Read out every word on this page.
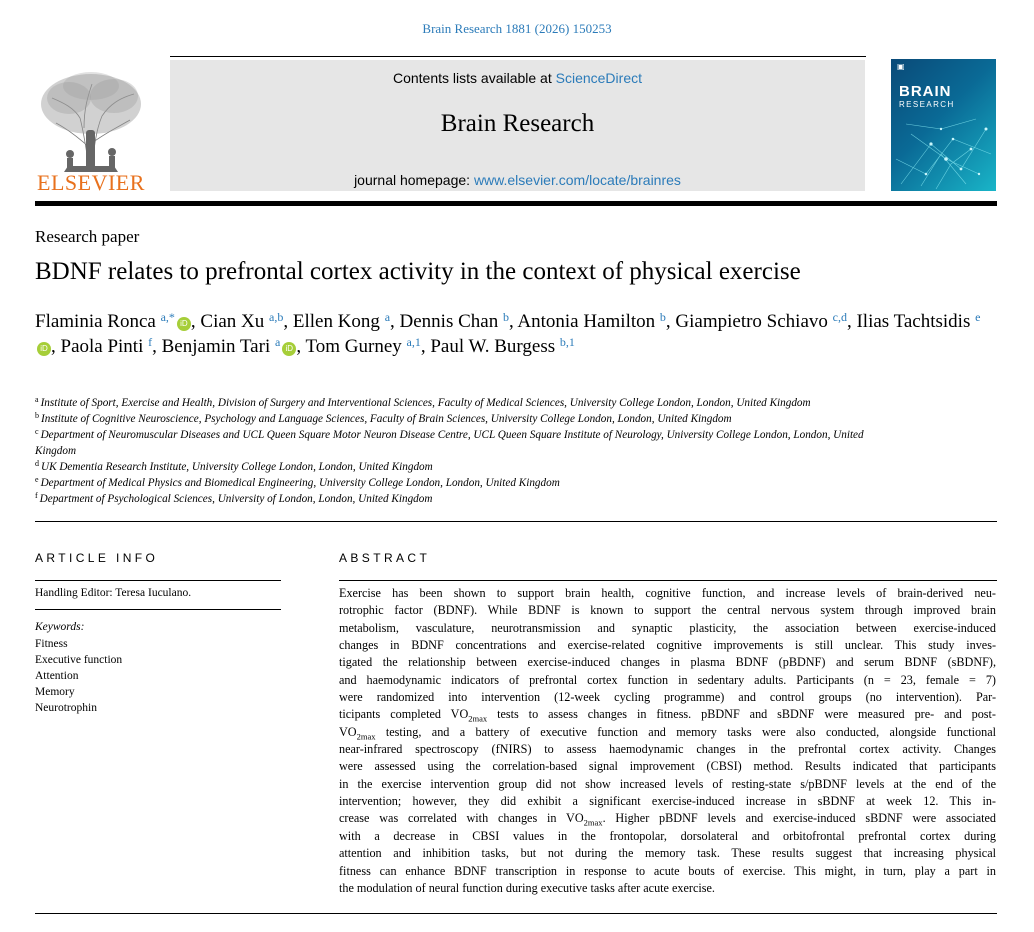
Brain Research 1881 (2026) 150253
ELSEVIER
Contents lists available at ScienceDirect
Brain Research
journal homepage: www.elsevier.com/locate/brainres
▣
BRAIN
RESEARCH
Research paper
BDNF relates to prefrontal cortex activity in the context of physical exercise
Flaminia Ronca $^{a,*}$ iD , Cian Xu $^{a,b}$, Ellen Kong $^a$, Dennis Chan $^b$, Antonia Hamilton $^b$, Giampietro Schiavo $^{c,d}$, Ilias Tachtsidis $^e$iD , Paola Pinti $^f$, Benjamin Tari $^a$ iD , Tom Gurney $^{a,1}$, Paul W. Burgess $^{b,1}$
$^a$ Institute of Sport, Exercise and Health, Division of Surgery and Interventional Sciences, Faculty of Medical Sciences, University College London, London, United Kingdom
$^b$ Institute of Cognitive Neuroscience, Psychology and Language Sciences, Faculty of Brain Sciences, University College London, London, United Kingdom
$^c$ Department of Neuromuscular Diseases and UCL Queen Square Motor Neuron Disease Centre, UCL Queen Square Institute of Neurology, University College London, London, United Kingdom
$^d$ UK Dementia Research Institute, University College London, London, United Kingdom
$^e$ Department of Medical Physics and Biomedical Engineering, University College London, London, United Kingdom
$^f$ Department of Psychological Sciences, University of London, London, United Kingdom
ARTICLE INFO
Handling Editor: Teresa Iuculano.
Keywords:
Fitness
Executive function
Attention
Memory
Neurotrophin
ABSTRACT
Exercise has been shown to support brain health, cognitive function, and increase levels of brain-derived neu-
rotrophic factor (BDNF). While BDNF is known to support the central nervous system through improved brain
metabolism, vasculature, neurotransmission and synaptic plasticity, the association between exercise-induced
changes in BDNF concentrations and exercise-related cognitive improvements is still unclear. This study inves-
tigated the relationship between exercise-induced changes in plasma BDNF (pBDNF) and serum BDNF (sBDNF),
and haemodynamic indicators of prefrontal cortex function in sedentary adults. Participants (n = 23, female = 7)
were randomized into intervention (12-week cycling programme) and control groups (no intervention). Par-
ticipants completed $VO_{2max}$ tests to assess changes in fitness. pBDNF and sBDNF were measured pre- and post-
$VO_{2max}$ testing, and a battery of executive function and memory tasks were also conducted, alongside functional
near-infrared spectroscopy (fNIRS) to assess haemodynamic changes in the prefrontal cortex activity. Changes
were assessed using the correlation-based signal improvement (CBSI) method. Results indicated that participants
in the exercise intervention group did not show increased levels of resting-state s/pBDNF levels at the end of the
intervention; however, they did exhibit a significant exercise-induced increase in sBDNF at week 12. This in-
crease was correlated with changes in $VO_{2max}$. Higher pBDNF levels and exercise-induced sBDNF were associated
with a decrease in CBSI values in the frontopolar, dorsolateral and orbitofrontal prefrontal cortex during
attention and inhibition tasks, but not during the memory task. These results suggest that increasing physical
fitness can enhance BDNF transcription in response to acute bouts of exercise. This might, in turn, play a part in
the modulation of neural function during executive tasks after acute exercise.
